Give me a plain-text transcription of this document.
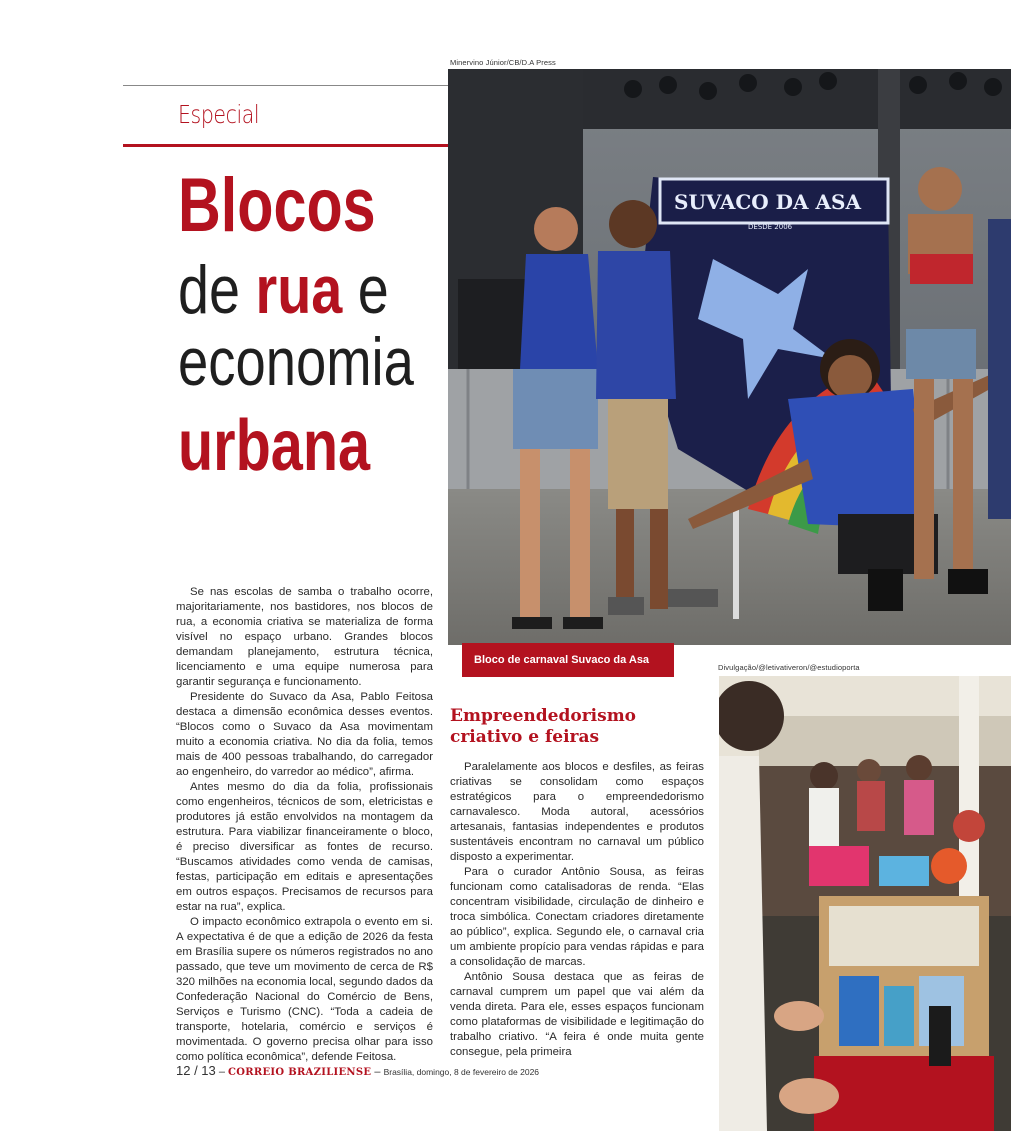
Especial
Blocos
de rua e
economia
urbana
Minervino Júnior/CB/D.A Press
SUVACO DA ASA
DESDE 2006
Bloco de carnaval Suvaco da Asa
Divulgação/@letivativeron/@estudioporta

Se nas escolas de samba o trabalho ocorre, majoritariamente, nos bastidores, nos blocos de rua, a economia criativa se materializa de forma visível no espaço urbano. Grandes blocos demandam planejamento, estrutura técnica, licenciamento e uma equipe numerosa para garantir segurança e funcionamento.

Presidente do Suvaco da Asa, Pablo Feitosa destaca a dimensão econômica desses eventos. “Blocos como o Suvaco da Asa movimentam muito a economia criativa. No dia da folia, temos mais de 400 pessoas trabalhando, do carregador ao engenheiro, do varredor ao médico”, afirma.

Antes mesmo do dia da folia, profissionais como engenheiros, técnicos de som, eletricistas e produtores já estão envolvidos na montagem da estrutura. Para viabilizar financeiramente o bloco, é preciso diversificar as fontes de recurso. “Buscamos atividades como venda de camisas, festas, participação em editais e apresentações em outros espaços. Precisamos de recursos para estar na rua”, explica.

O impacto econômico extrapola o evento em si. A expectativa é de que a edição de 2026 da festa em Brasília supere os números registrados no ano passado, que teve um movimento de cerca de R$ 320 milhões na economia local, segundo dados da Confederação Nacional do Comércio de Bens, Serviços e Turismo (CNC). “Toda a cadeia de transporte, hotelaria, comércio e serviços é movimentada. O governo precisa olhar para isso como política econômica”, defende Feitosa.

Empreendedorismo criativo e feiras

Paralelamente aos blocos e desfiles, as feiras criativas se consolidam como espaços estratégicos para o empreendedorismo carnavalesco. Moda autoral, acessórios artesanais, fantasias independentes e produtos sustentáveis encontram no carnaval um público disposto a experimentar.

Para o curador Antônio Sousa, as feiras funcionam como catalisadoras de renda. “Elas concentram visibilidade, circulação de dinheiro e troca simbólica. Conectam criadores diretamente ao público”, explica. Segundo ele, o carnaval cria um ambiente propício para vendas rápidas e para a consolidação de marcas.

Antônio Sousa destaca que as feiras de carnaval cumprem um papel que vai além da venda direta. Para ele, esses espaços funcionam como plataformas de visibilidade e legitimação do trabalho criativo. “A feira é onde muita gente consegue, pela primeira

12 / 13 – CORREIO BRAZILIENSE – Brasília, domingo, 8 de fevereiro de 2026
